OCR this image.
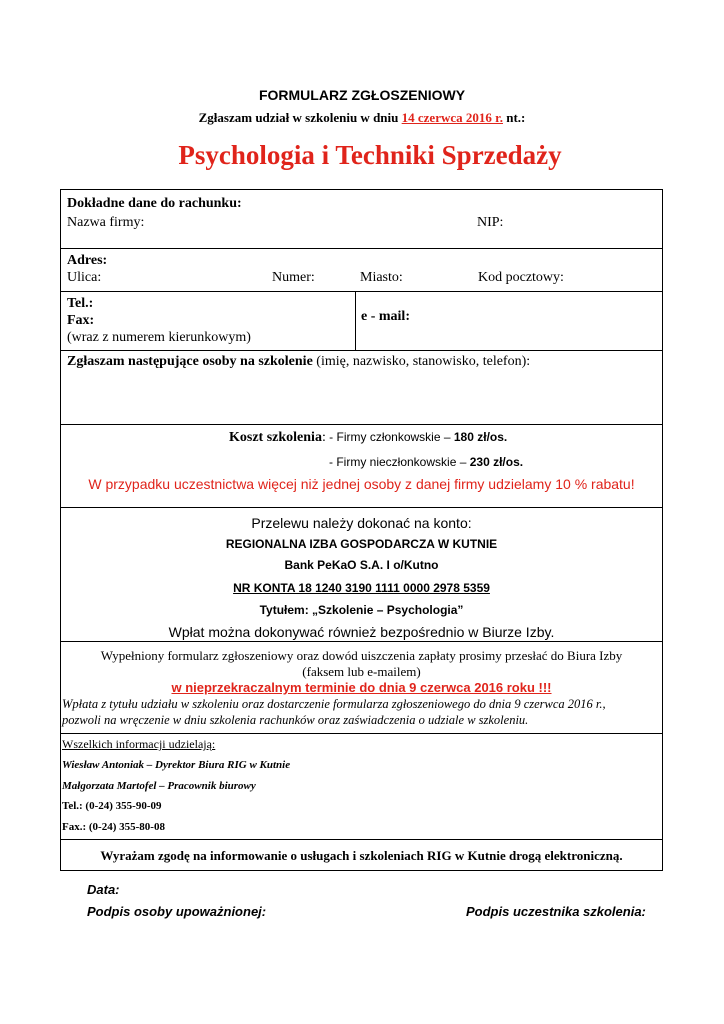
FORMULARZ ZGŁOSZENIOWY
Zgłaszam udział w szkoleniu w dniu 14 czerwca 2016 r. nt.:
Psychologia i Techniki Sprzedaży
Dokładne dane do rachunku:
Nazwa firmy:	NIP:
Adres:
Ulica:	Numer:	Miasto:	Kod pocztowy:
Tel.:
Fax:
(wraz z numerem kierunkowym)
e - mail:
Zgłaszam następujące osoby na szkolenie (imię, nazwisko, stanowisko, telefon):
Koszt szkolenia: - Firmy członkowskie – 180 zł/os.
- Firmy nieczłonkowskie – 230 zł/os.
W przypadku uczestnictwa więcej niż jednej osoby z danej firmy udzielamy 10 % rabatu!
Przelewu należy dokonać na konto:
REGIONALNA IZBA GOSPODARCZA W KUTNIE
Bank PeKaO S.A. I o/Kutno
NR KONTA 18 1240 3190 1111 0000 2978 5359
Tytułem: „Szkolenie – Psychologia”
Wpłat można dokonywać również bezpośrednio w Biurze Izby.
Wypełniony formularz zgłoszeniowy oraz dowód uiszczenia zapłaty prosimy przesłać do Biura Izby
(faksem lub e-mailem)
w nieprzekraczalnym terminie do dnia 9 czerwca 2016 roku !!!
Wpłata z tytułu udziału w szkoleniu oraz dostarczenie formularza zgłoszeniowego do dnia 9 czerwca 2016 r.,
pozwoli na wręczenie w dniu szkolenia rachunków oraz zaświadczenia o udziale w szkoleniu.
Wszelkich informacji udzielają:
Wiesław Antoniak – Dyrektor Biura RIG w Kutnie
Małgorzata Martofel – Pracownik biurowy
Tel.: (0-24) 355-90-09
Fax.: (0-24) 355-80-08
Wyrażam zgodę na informowanie o usługach i szkoleniach RIG w Kutnie drogą elektroniczną.
Data:
Podpis osoby upoważnionej:	Podpis uczestnika szkolenia:
